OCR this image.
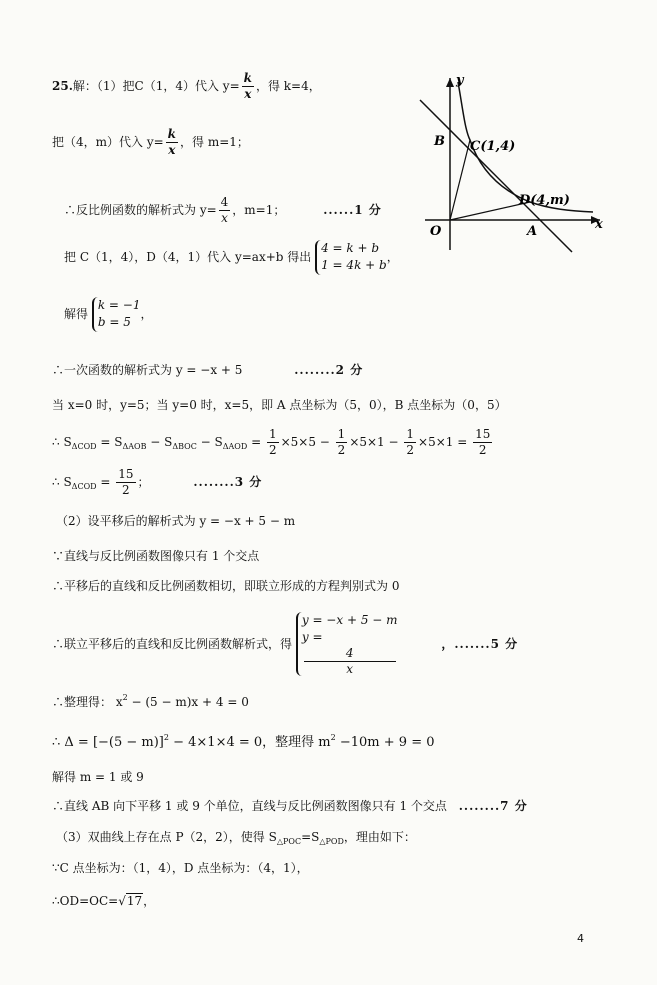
25.解：（1）把C（1，4）代入 $y= \frac{k}{x}$ ，得 k=4，
把（4，m）代入 $y= \frac{k}{x}$ ，得 m=1；
∴反比例函数的解析式为 $y= \frac{4}{x}$ ，m=1；	......1 分
把 C（1，4），D（4，1）代入 y=ax+b 得出
4 = k + b
1 = 4k + b
，
解得
k = −1
b = 5
，
∴一次函数的解析式为 y = −x + 5	........2 分
当 x=0 时，y=5；当 y=0 时，x=5，即 A 点坐标为（5，0），B 点坐标为（0，5）
∴ $S_{\Delta COD} = S_{\Delta AOB} - S_{\Delta BOC} - S_{\Delta AOD} = \frac{1}{2} \times 5\times 5 - \frac{1}{2} \times 5\times 1 - \frac{1}{2} \times 5\times 1 = \frac{15}{2}$
∴ $S_{\Delta COD} = \frac{15}{2}$ ；	........3 分
（2）设平移后的解析式为 y = −x + 5 − m
∵直线与反比例函数图像只有 1 个交点
∴平移后的直线和反比例函数相切，即联立形成的方程判别式为 0
∴联立平移后的直线和反比例函数解析式，得
y = −x + 5 − m
y =
4
x
，.......5 分
∴整理得： $x^2 - (5 - m)x + 4 = 0$
∴ $\Delta = [-(5 - m)]^2 - 4\times 1\times 4 = 0$，整理得 $m^2 -10m + 9 = 0$
解得 m = 1 或 9
∴直线 AB 向下平移 1 或 9 个单位，直线与反比例函数图像只有 1 个交点 ........7 分
（3）双曲线上存在点 P（2，2），使得 $S_{\triangle POC}=S_{\triangle POD}$，理由如下：
∵C 点坐标为：（1，4），D 点坐标为：（4，1），
∴OD=OC=√17，
y
x
O
B C(1,4)
D(4,m)
A
4
